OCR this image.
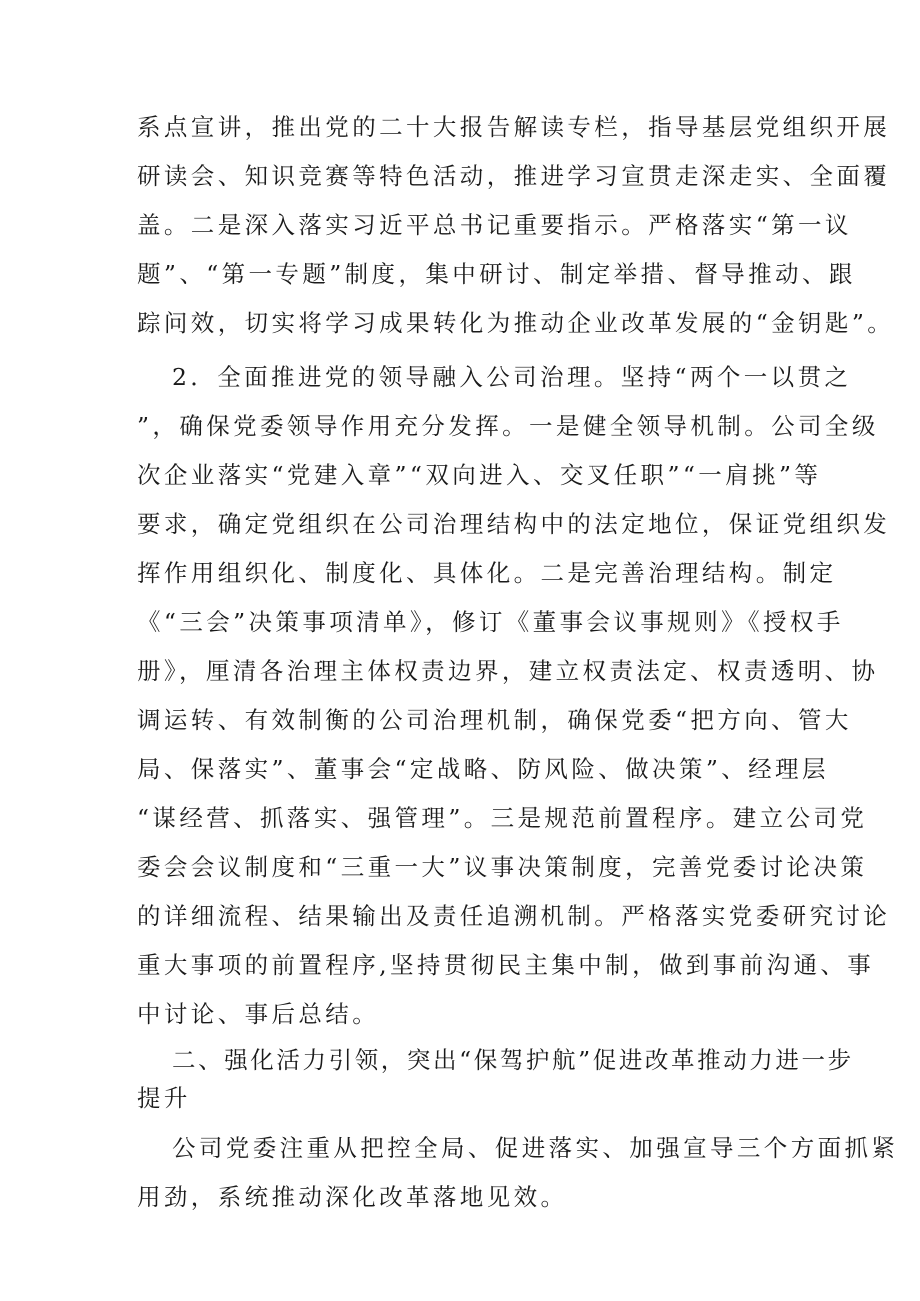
系点宣讲，推出党的二十大报告解读专栏，指导基层党组织开展
研读会、知识竞赛等特色活动，推进学习宣贯走深走实、全面覆
盖。二是深入落实习近平总书记重要指示。严格落实“第一议
题”、“第一专题”制度，集中研讨、制定举措、督导推动、跟
踪问效，切实将学习成果转化为推动企业改革发展的“金钥匙”。
2．全面推进党的领导融入公司治理。坚持“两个一以贯之
”，确保党委领导作用充分发挥。一是健全领导机制。公司全级
次企业落实“党建入章”“双向进入、交叉任职”“一肩挑”等
要求，确定党组织在公司治理结构中的法定地位，保证党组织发
挥作用组织化、制度化、具体化。二是完善治理结构。制定
《“三会”决策事项清单》，修订《董事会议事规则》《授权手
册》，厘清各治理主体权责边界，建立权责法定、权责透明、协
调运转、有效制衡的公司治理机制，确保党委“把方向、管大
局、保落实”、董事会“定战略、防风险、做决策”、经理层
“谋经营、抓落实、强管理”。三是规范前置程序。建立公司党
委会会议制度和“三重一大”议事决策制度，完善党委讨论决策
的详细流程、结果输出及责任追溯机制。严格落实党委研究讨论
重大事项的前置程序,坚持贯彻民主集中制，做到事前沟通、事
中讨论、事后总结。
二、强化活力引领，突出“保驾护航”促进改革推动力进一步
提升
公司党委注重从把控全局、促进落实、加强宣导三个方面抓紧
用劲，系统推动深化改革落地见效。
